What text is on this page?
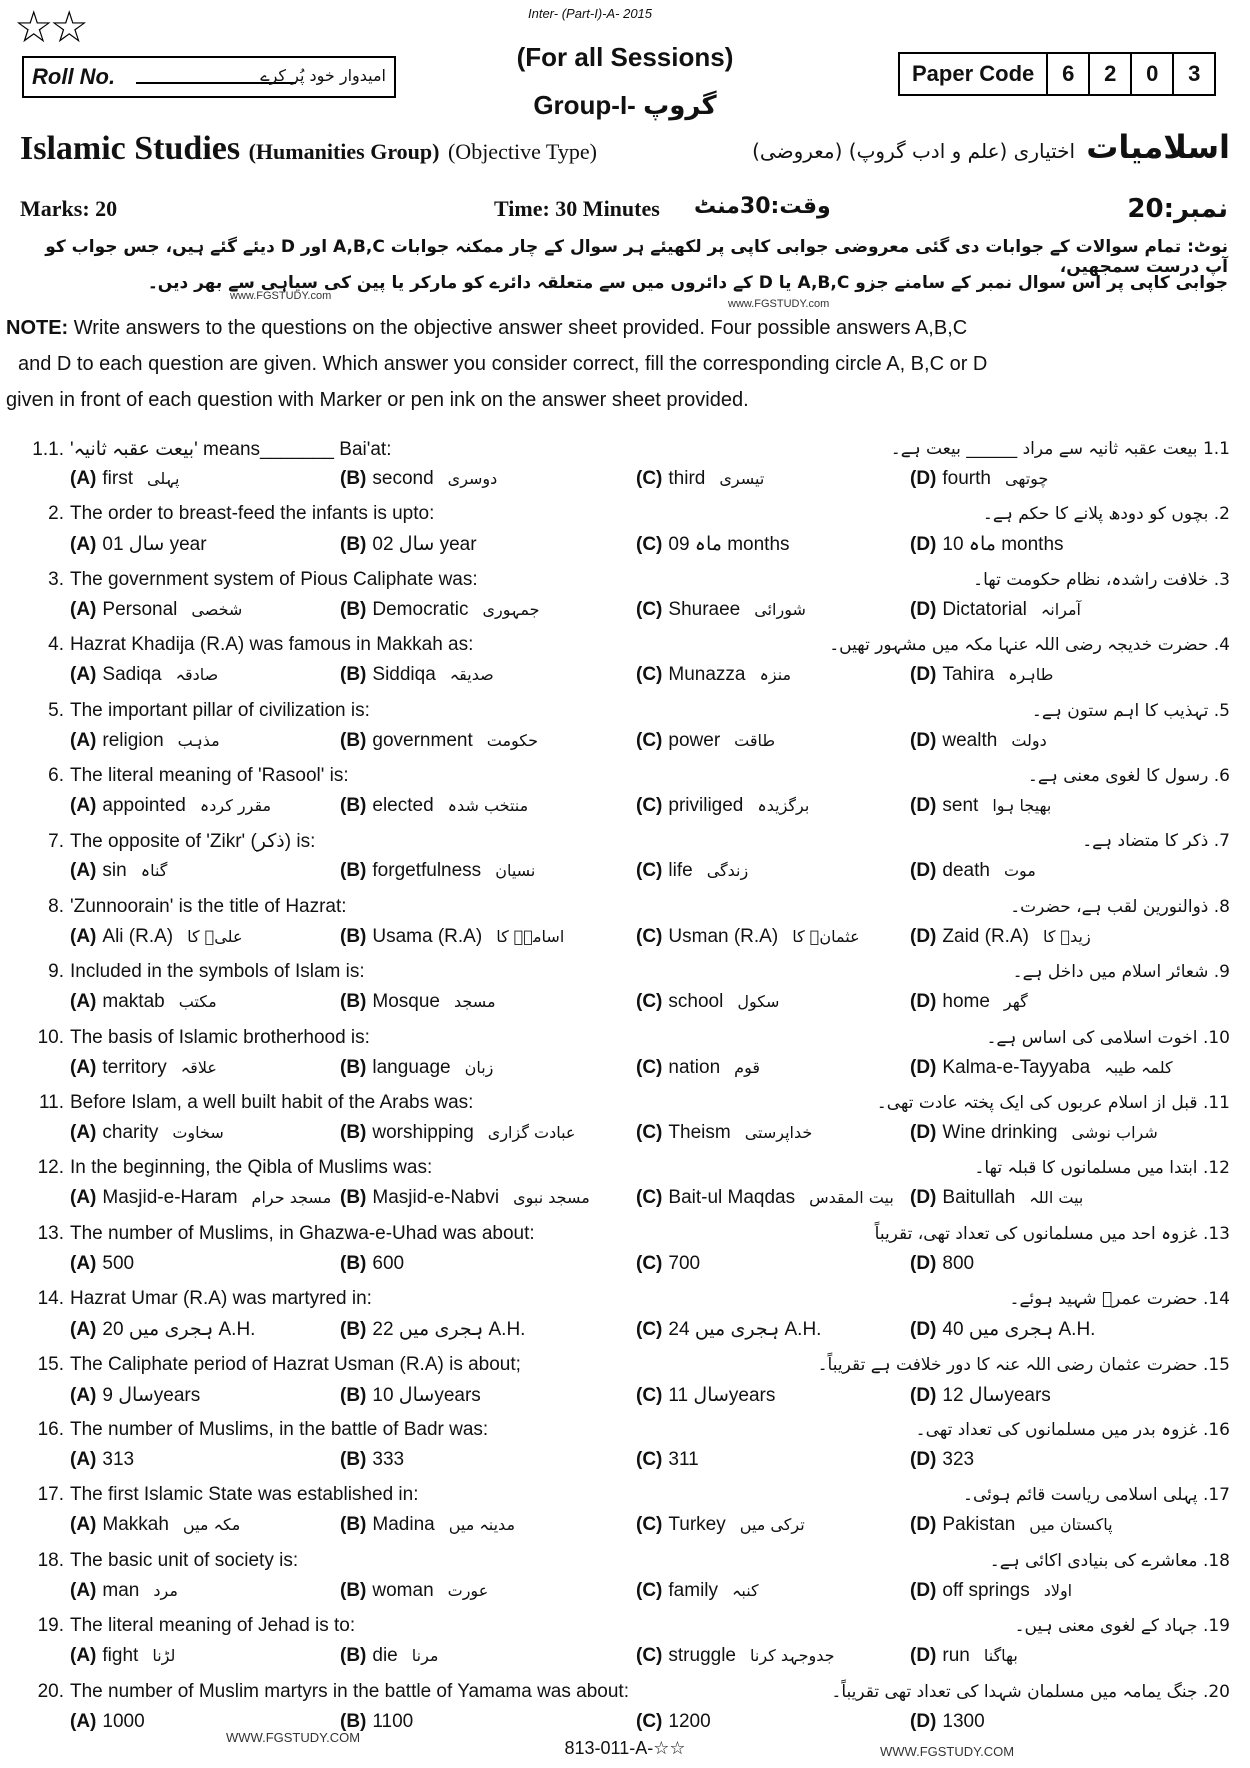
☆☆	Inter- (Part-I)-A- 2015
Roll No.	امیدوار خود پُر کرے
(For all Sessions)
Group-I- گروپ
Paper Code	6	2	0	3
Islamic Studies (Humanities Group) (Objective Type)	اسلامیات اختیاری (علم و ادب گروپ) (معروضی)
Marks: 20	Time: 30 Minutes وقت:30منٹ	نمبر:20
نوٹ: تمام سوالات کے جوابات دی گئی معروضی جوابی کاپی پر لکھیئے ہر سوال کے چار ممکنہ جوابات A,B,C اور D دیئے گئے ہیں، جس جواب کو آپ درست سمجھیں،
جوابی کاپی پر اس سوال نمبر کے سامنے جزو A,B,C یا D کے دائروں میں سے متعلقہ دائرے کو مارکر یا پین کی سیاہی سے بھر دیں۔
www.FGSTUDY.com
www.FGSTUDY.com
NOTE: Write answers to the questions on the objective answer sheet provided. Four possible answers A,B,C
and D to each question are given. Which answer you consider correct, fill the corresponding circle A, B,C or D
given in front of each question with Marker or pen ink on the answer sheet provided.
1.1. 'بیعت عقبہ ثانیہ' means_______ Bai'at:	1.1 بیعت عقبہ ثانیہ سے مراد ______ بیعت ہے۔
(A) first پہلی	(B) second دوسری	(C) third تیسری	(D) fourth چوتھی
2. The order to breast-feed the infants is upto:	2. بچوں کو دودھ پلانے کا حکم ہے۔
(A) سال 01 year	(B) سال 02 year	(C) ماہ 09 months	(D) ماہ 10 months
3. The government system of Pious Caliphate was:	3. خلافت راشدہ، نظام حکومت تھا۔
(A) Personal شخصی	(B) Democratic جمہوری	(C) Shuraee شورائی	(D) Dictatorial آمرانہ
4. Hazrat Khadija (R.A) was famous in Makkah as:	4. حضرت خدیجہ رضی اللہ عنہا مکہ میں مشہور تھیں۔
(A) Sadiqa صادقہ	(B) Siddiqa صدیقہ	(C) Munazza منزہ	(D) Tahira طاہرہ
5. The important pillar of civilization is:	5. تہذیب کا اہم ستون ہے۔
(A) religion مذہب	(B) government حکومت	(C) power طاقت	(D) wealth دولت
6. The literal meaning of 'Rasool' is:	6. رسول کا لغوی معنی ہے۔
(A) appointed مقرر کردہ	(B) elected منتخب شدہ	(C) priviliged برگزیدہ	(D) sent بھیجا ہوا
7. The opposite of 'Zikr' (ذکر) is:	7. ذکر کا متضاد ہے۔
(A) sin گناہ	(B) forgetfulness نسیان	(C) life زندگی	(D) death موت
8. 'Zunnoorain' is the title of Hazrat:	8. ذوالنورین لقب ہے، حضرت۔
(A) Ali (R.A) علیؓ کا	(B) Usama (R.A) اسامہؓ کا	(C) Usman (R.A) عثمانؓ کا	(D) Zaid (R.A) زیدؓ کا
9. Included in the symbols of Islam is:	9. شعائر اسلام میں داخل ہے۔
(A) maktab مکتب	(B) Mosque مسجد	(C) school سکول	(D) home گھر
10. The basis of Islamic brotherhood is:	10. اخوت اسلامی کی اساس ہے۔
(A) territory علاقہ	(B) language زبان	(C) nation قوم	(D) Kalma-e-Tayyaba کلمہ طیبہ
11. Before Islam, a well built habit of the Arabs was:	11. قبل از اسلام عربوں کی ایک پختہ عادت تھی۔
(A) charity سخاوت	(B) worshipping عبادت گزاری	(C) Theism خداپرستی	(D) Wine drinking شراب نوشی
12. In the beginning, the Qibla of Muslims was:	12. ابتدا میں مسلمانوں کا قبلہ تھا۔
(A) Masjid-e-Haram مسجد حرام (B) Masjid-e-Nabvi مسجد نبوی (C) Bait-ul Maqdas بیت المقدس (D) Baitullah بیت اللہ
13. The number of Muslims, in Ghazwa-e-Uhad was about:	13. غزوہ احد میں مسلمانوں کی تعداد تھی، تقریباً
(A) 500	(B) 600	(C) 700	(D) 800
14. Hazrat Umar (R.A) was martyred in:	14. حضرت عمرؓ شہید ہوئے۔
(A) 20 ہجری میں A.H.	(B) 22 ہجری میں A.H.	(C) 24 ہجری میں A.H.	(D) 40 ہجری میں A.H.
15. The Caliphate period of Hazrat Usman (R.A) is about;	15. حضرت عثمان رضی اللہ عنہ کا دور خلافت ہے تقریباً۔
(A) سال 9years	(B) سال 10years	(C) سال 11years	(D) سال 12years
16. The number of Muslims, in the battle of Badr was:	16. غزوہ بدر میں مسلمانوں کی تعداد تھی۔
(A) 313	(B) 333	(C) 311	(D) 323
17. The first Islamic State was established in:	17. پہلی اسلامی ریاست قائم ہوئی۔
(A) Makkah مکہ میں	(B) Madina مدینہ میں	(C) Turkey ترکی میں	(D) Pakistan پاکستان میں
18. The basic unit of society is:	18. معاشرے کی بنیادی اکائی ہے۔
(A) man مرد	(B) woman عورت	(C) family کنبہ	(D) off springs اولاد
19. The literal meaning of Jehad is to:	19. جہاد کے لغوی معنی ہیں۔
(A) fight لڑنا	(B) die مرنا	(C) struggle جدوجہد کرنا	(D) run بھاگنا
20. The number of Muslim martyrs in the battle of Yamama was about:	20. جنگ یمامہ میں مسلمان شہدا کی تعداد تھی تقریباً۔
(A) 1000	(B) 1100	(C) 1200	(D) 1300
WWW.FGSTUDY.COM
813-011-A-☆☆	WWW.FGSTUDY.COM
